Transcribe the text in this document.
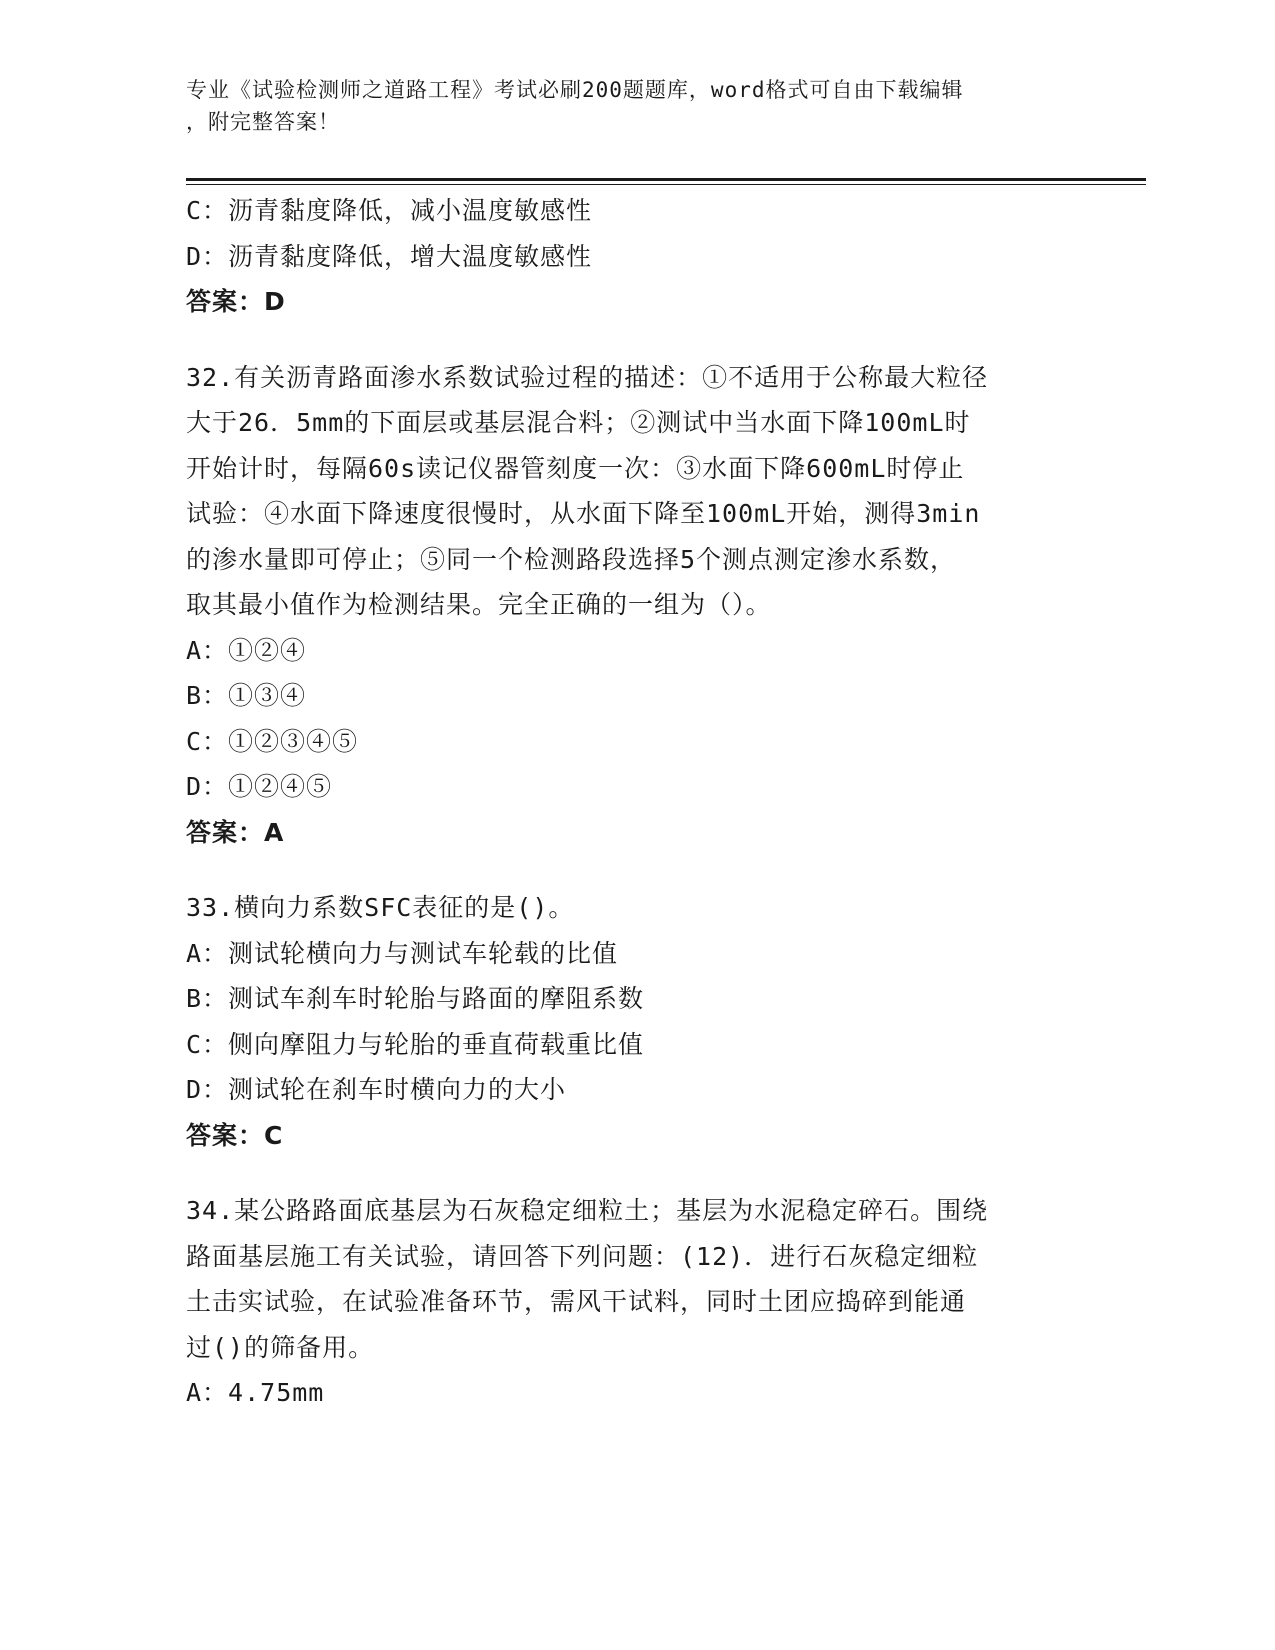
专业《试验检测师之道路工程》考试必刷200题题库，word格式可自由下载编辑
，附完整答案！
C：沥青黏度降低，减小温度敏感性
D：沥青黏度降低，增大温度敏感性
答案：D
32.有关沥青路面渗水系数试验过程的描述：①不适用于公称最大粒径
大于26．5mm的下面层或基层混合料；②测试中当水面下降100mL时
开始计时，每隔60s读记仪器管刻度一次：③水面下降600mL时停止
试验：④水面下降速度很慢时，从水面下降至100mL开始，测得3min
的渗水量即可停止；⑤同一个检测路段选择5个测点测定渗水系数，
取其最小值作为检测结果。完全正确的一组为（）。
A：①②④
B：①③④
C：①②③④⑤
D：①②④⑤
答案：A
33.横向力系数SFC表征的是()。
A：测试轮横向力与测试车轮载的比值
B：测试车刹车时轮胎与路面的摩阻系数
C：侧向摩阻力与轮胎的垂直荷载重比值
D：测试轮在刹车时横向力的大小
答案：C
34.某公路路面底基层为石灰稳定细粒土；基层为水泥稳定碎石。围绕
路面基层施工有关试验，请回答下列问题：(12)．进行石灰稳定细粒
土击实试验，在试验准备环节，需风干试料，同时土团应捣碎到能通
过()的筛备用。
A：4.75mm
